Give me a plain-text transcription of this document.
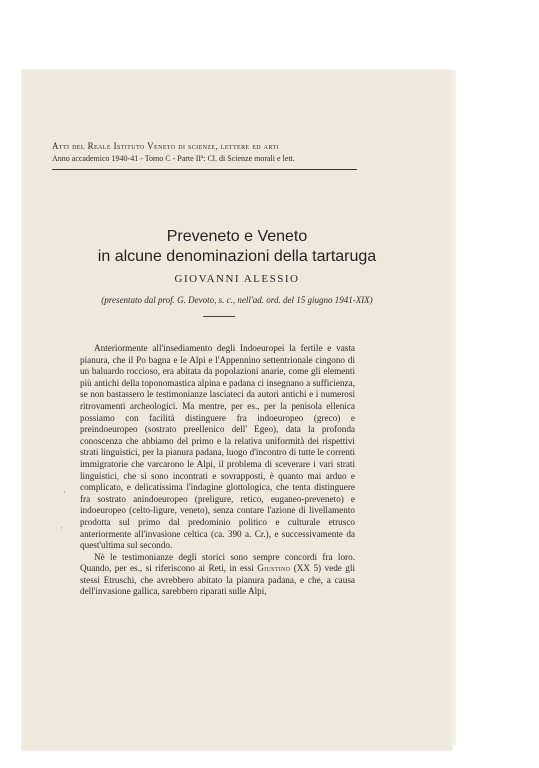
Atti del Reale Istituto Veneto di scienze, lettere ed arti
Anno accademico 1940-41 - Tomo C - Parte IIª: Cl. di Scienze morali e lett.
Preveneto e Veneto
in alcune denominazioni della tartaruga
GIOVANNI ALESSIO
(presentato dal prof. G. Devoto, s. c., nell'ad. ord. del 15 giugno 1941-XIX)

Anteriormente all'insediamento degli Indoeuropei la fertile e vasta pianura, che il Po bagna e le Alpi e l'Appennino settentrionale cingono di un baluardo roccioso, era abitata da popolazioni anarie, come gli elementi più antichi della toponomastica alpina e padana ci insegnano a sufficienza, se non bastassero le testimonianze lasciateci da autori antichi e i numerosi ritrovamenti archeologici. Ma mentre, per es., per la penisola ellenica possiamo con facilità distinguere fra indoeuropeo (greco) e preindoeuropeo (sostrato preellenico dell' Egeo), data la profonda conoscenza che abbiamo del primo e la relativa uniformità dei rispettivi strati linguistici, per la pianura padana, luogo d'incontro di tutte le correnti immigratorie che varcarono le Alpi, il problema di sceverare i vari strati linguistici, che si sono incontrati e sovrapposti, è quanto mai arduo e complicato, e delicatissima l'indagine glottologica, che tenta distinguere fra sostrato anindoeuropeo (preligure, retico, euganeo-preveneto) e indoeuropeo (celto-ligure, veneto), senza contare l'azione di livellamento prodotta sul primo dal predominio politico e culturale etrusco anteriormente all'invasione celtica (ca. 390 a. Cr.), e successivamente da quest'ultima sul secondo.

Nè le testimonianze degli storici sono sempre concordi fra loro. Quando, per es., si riferiscono ai Reti, in essi Giustino (XX 5) vede gli stessi Etruschi, che avrebbero abitato la pianura padana, e che, a causa dell'invasione gallica, sarebbero riparati sulle Alpi,

·
·
